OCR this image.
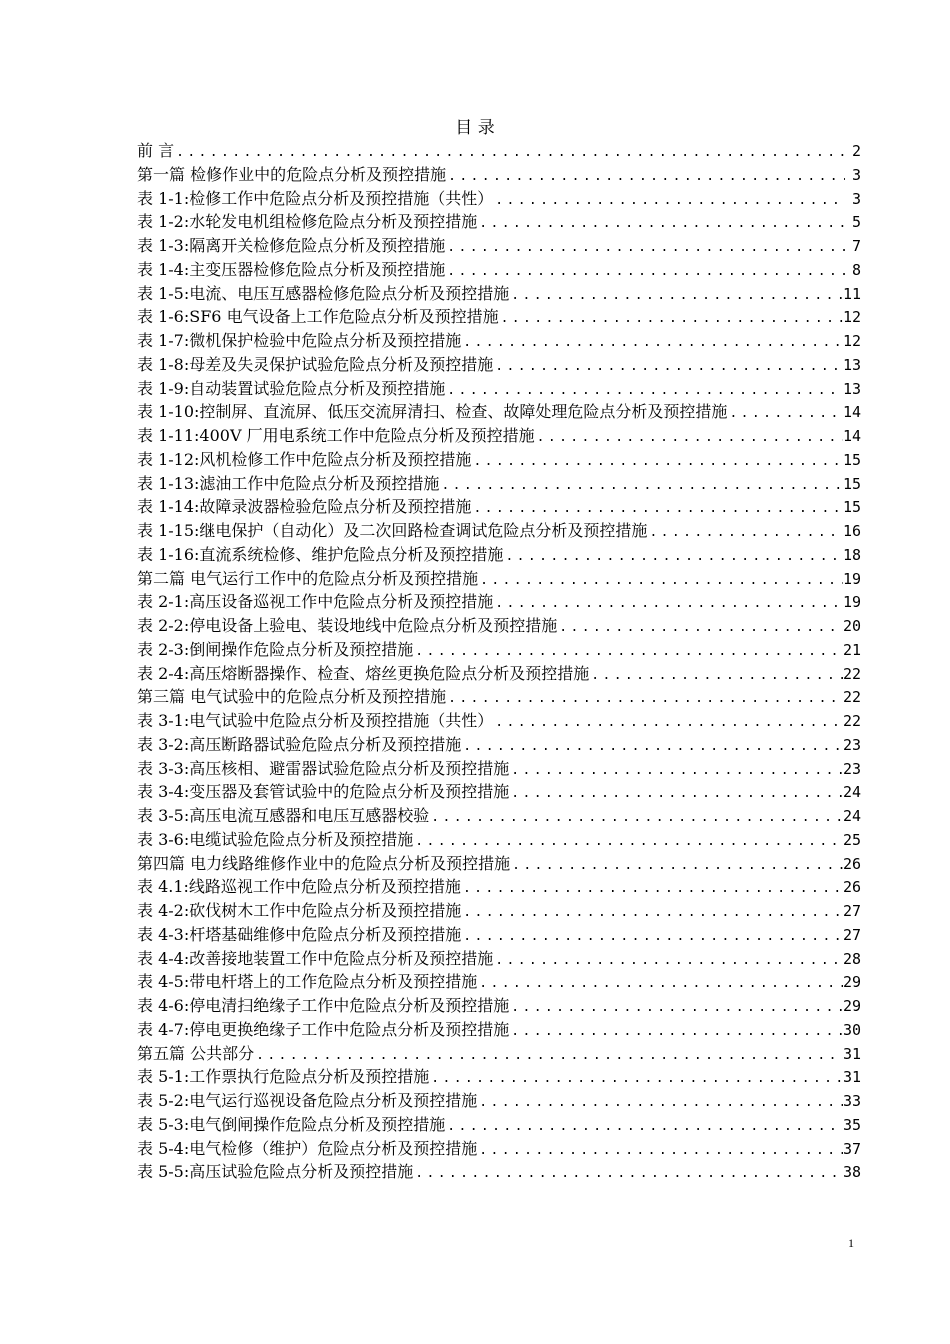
目 录
前 言 .....	2
第一篇 检修作业中的危险点分析及预控措施 .....	3
表 1-1:检修工作中危险点分析及预控措施（共性） .....	3
表 1-2:水轮发电机组检修危险点分析及预控措施 .....	5
表 1-3:隔离开关检修危险点分析及预控措施 .....	7
表 1-4:主变压器检修危险点分析及预控措施 .....	8
表 1-5:电流、电压互感器检修危险点分析及预控措施 .....	11
表 1-6:SF6 电气设备上工作危险点分析及预控措施 .....	12
表 1-7:微机保护检验中危险点分析及预控措施 .....	12
表 1-8:母差及失灵保护试验危险点分析及预控措施 .....	13
表 1-9:自动装置试验危险点分析及预控措施 .....	13
表 1-10:控制屏、直流屏、低压交流屏清扫、检查、故障处理危险点分析及预控措施 .....	14
表 1-11:400V 厂用电系统工作中危险点分析及预控措施 .....	14
表 1-12:风机检修工作中危险点分析及预控措施 .....	15
表 1-13:滤油工作中危险点分析及预控措施 .....	15
表 1-14:故障录波器检验危险点分析及预控措施 .....	15
表 1-15:继电保护（自动化）及二次回路检查调试危险点分析及预控措施 .....	16
表 1-16:直流系统检修、维护危险点分析及预控措施 .....	18
第二篇 电气运行工作中的危险点分析及预控措施 .....	19
表 2-1:高压设备巡视工作中危险点分析及预控措施 .....	19
表 2-2:停电设备上验电、装设地线中危险点分析及预控措施 .....	20
表 2-3:倒闸操作危险点分析及预控措施 .....	21
表 2-4:高压熔断器操作、检查、熔丝更换危险点分析及预控措施 .....	22
第三篇 电气试验中的危险点分析及预控措施 .....	22
表 3-1:电气试验中危险点分析及预控措施（共性） .....	22
表 3-2:高压断路器试验危险点分析及预控措施 .....	23
表 3-3:高压核相、避雷器试验危险点分析及预控措施 .....	23
表 3-4:变压器及套管试验中的危险点分析及预控措施 .....	24
表 3-5:高压电流互感器和电压互感器校验 .....	24
表 3-6:电缆试验危险点分析及预控措施 .....	25
第四篇 电力线路维修作业中的危险点分析及预控措施 .....	26
表 4.1:线路巡视工作中危险点分析及预控措施 .....	26
表 4-2:砍伐树木工作中危险点分析及预控措施 .....	27
表 4-3:杆塔基础维修中危险点分析及预控措施 .....	27
表 4-4:改善接地装置工作中危险点分析及预控措施 .....	28
表 4-5:带电杆塔上的工作危险点分析及预控措施 .....	29
表 4-6:停电清扫绝缘子工作中危险点分析及预控措施 .....	29
表 4-7:停电更换绝缘子工作中危险点分析及预控措施 .....	30
第五篇 公共部分 .....	31
表 5-1:工作票执行危险点分析及预控措施 .....	31
表 5-2:电气运行巡视设备危险点分析及预控措施 .....	33
表 5-3:电气倒闸操作危险点分析及预控措施 .....	35
表 5-4:电气检修（维护）危险点分析及预控措施 .....	37
表 5-5:高压试验危险点分析及预控措施 .....	38
1
